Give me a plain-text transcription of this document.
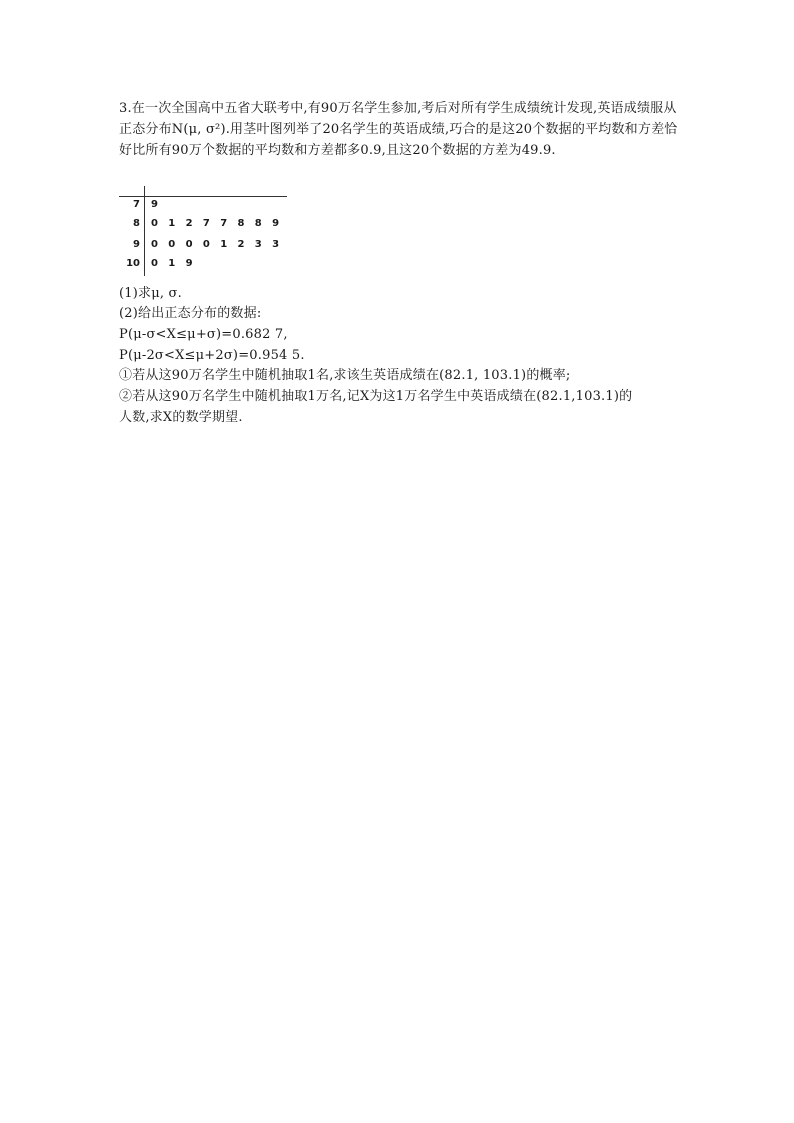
3.在一次全国高中五省大联考中,有90万名学生参加,考后对所有学生成绩统计发现,英语成绩服从正态分布N(μ, σ²).用茎叶图列举了20名学生的英语成绩,巧合的是这20个数据的平均数和方差恰好比所有90万个数据的平均数和方差都多0.9,且这20个数据的方差为49.9.

7 9
8 0 1 2 7 7 8 8 9
9 0 0 0 0 1 2 3 3
10 0 1 9
(1)求μ, σ.
(2)给出正态分布的数据:
P(μ-σ<X≤μ+σ)=0.682 7,
P(μ-2σ<X≤μ+2σ)=0.954 5.
①若从这90万名学生中随机抽取1名,求该生英语成绩在(82.1, 103.1)的概率;
②若从这90万名学生中随机抽取1万名,记X为这1万名学生中英语成绩在(82.1,103.1)的
人数,求X的数学期望.
